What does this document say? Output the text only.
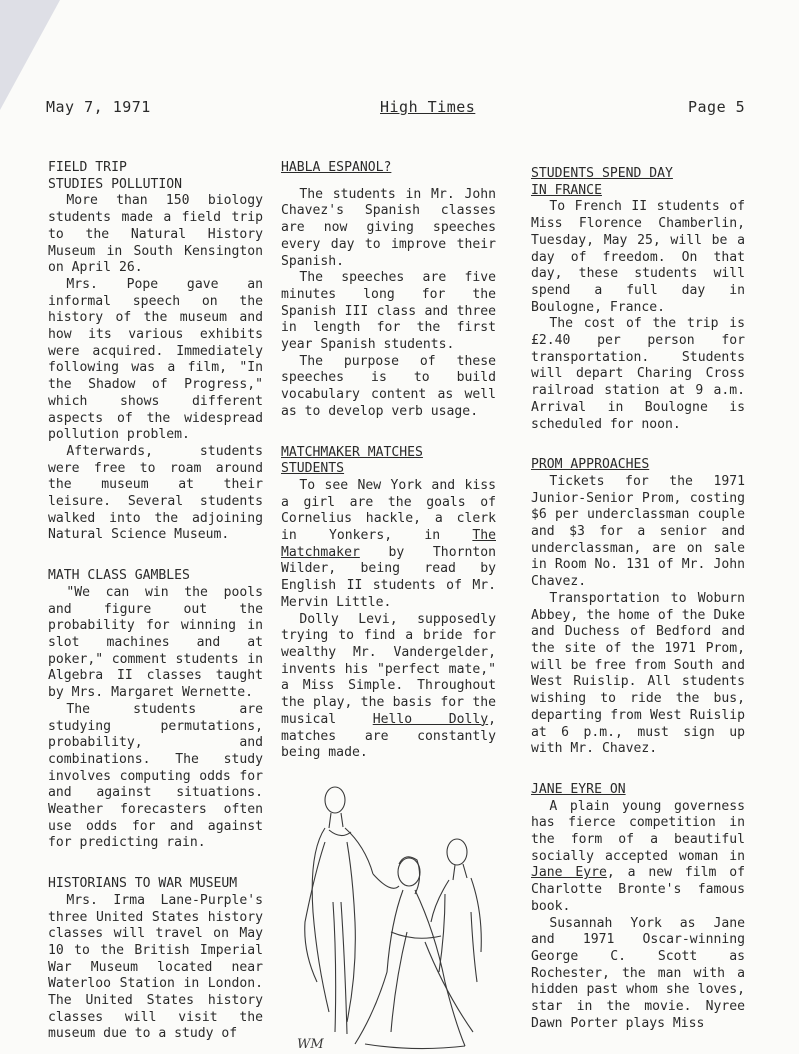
May 7, 1971	High Times	Page 5

FIELD TRIP

STUDIES POLLUTION

More than 150 biology students made a field trip to the Natural History Museum in South Kensington on April 26.

Mrs. Pope gave an informal speech on the history of the museum and how its various exhibits were acquired. Immediately following was a film, "In the Shadow of Progress," which shows different aspects of the widespread pollution problem.

Afterwards, students were free to roam around the museum at their leisure. Several students walked into the adjoining Natural Science Museum.

MATH CLASS GAMBLES

"We can win the pools and figure out the probability for winning in slot machines and at poker," comment students in Algebra II classes taught by Mrs. Margaret Wernette.

The students are studying permutations, probability, and combinations. The study involves computing odds for and against situations. Weather forecasters often use odds for and against for predicting rain.

HISTORIANS TO WAR MUSEUM

Mrs. Irma Lane-Purple's three United States history classes will travel on May 10 to the British Imperial War Museum located near Waterloo Station in London. The United States history classes will visit the museum due to a study of

HABLA ESPANOL?

The students in Mr. John Chavez's Spanish classes are now giving speeches every day to improve their Spanish.

The speeches are five minutes long for the Spanish III class and three in length for the first year Spanish students.

The purpose of these speeches is to build vocabulary content as well as to develop verb usage.

MATCHMAKER MATCHES

STUDENTS

To see New York and kiss a girl are the goals of Cornelius hackle, a clerk in Yonkers, in The Matchmaker by Thornton Wilder, being read by English II students of Mr. Mervin Little.

Dolly Levi, supposedly trying to find a bride for wealthy Mr. Vandergelder, invents his "perfect mate," a Miss Simple. Throughout the play, the basis for the musical Hello Dolly, matches are constantly being made.

WM

STUDENTS SPEND DAY

IN FRANCE

To French II students of Miss Florence Chamberlin, Tuesday, May 25, will be a day of freedom. On that day, these students will spend a full day in Boulogne, France.

The cost of the trip is £2.40 per person for transportation. Students will depart Charing Cross railroad station at 9 a.m. Arrival in Boulogne is scheduled for noon.

PROM APPROACHES

Tickets for the 1971 Junior-Senior Prom, costing $6 per underclassman couple and $3 for a senior and underclassman, are on sale in Room No. 131 of Mr. John Chavez.

Transportation to Woburn Abbey, the home of the Duke and Duchess of Bedford and the site of the 1971 Prom, will be free from South and West Ruislip. All students wishing to ride the bus, departing from West Ruislip at 6 p.m., must sign up with Mr. Chavez.

JANE EYRE ON

A plain young governess has fierce competition in the form of a beautiful socially accepted woman in Jane Eyre, a new film of Charlotte Bronte's famous book.

Susannah York as Jane and 1971 Oscar-winning George C. Scott as Rochester, the man with a hidden past whom she loves, star in the movie. Nyree Dawn Porter plays Miss
